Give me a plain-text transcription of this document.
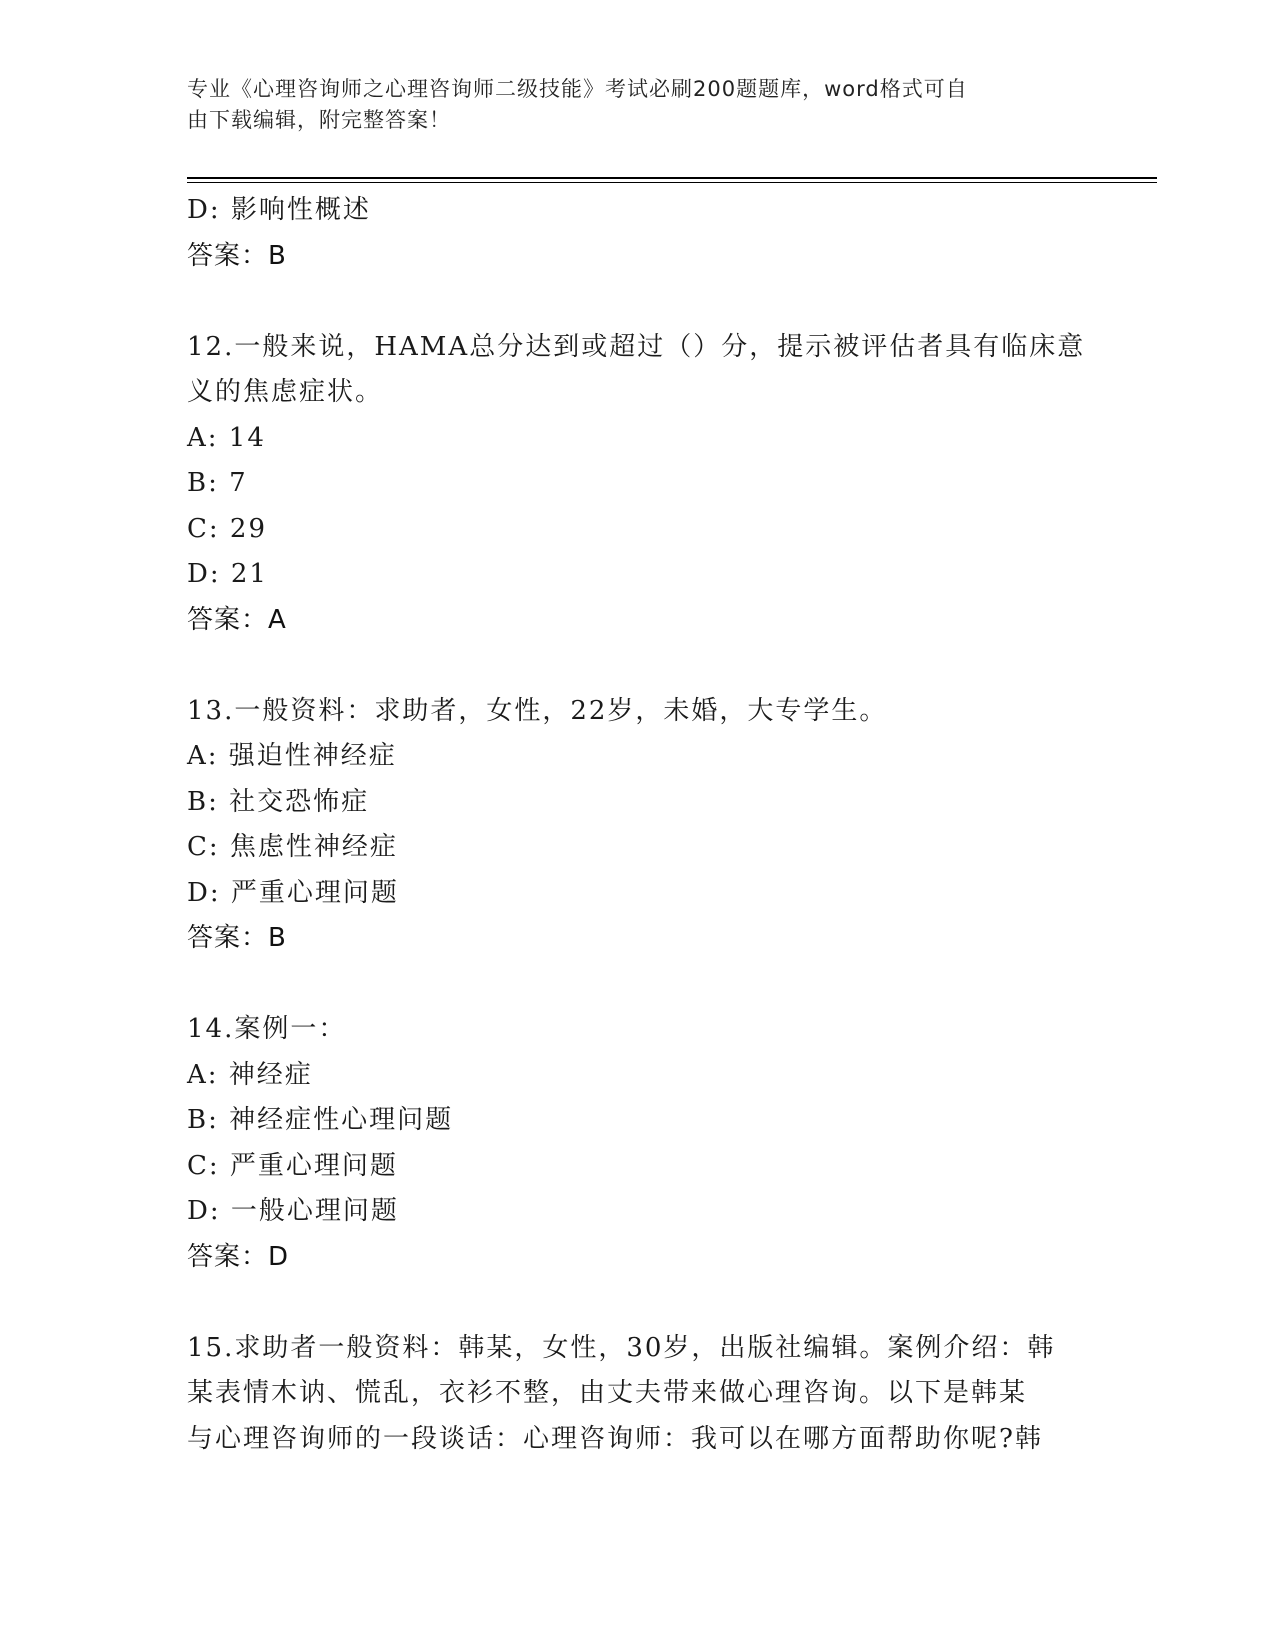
专业《心理咨询师之心理咨询师二级技能》考试必刷200题题库，word格式可自
由下载编辑，附完整答案！
D: 影响性概述
答案：B
12.一般来说，HAMA总分达到或超过（）分，提示被评估者具有临床意
义的焦虑症状。
A: 14
B: 7
C: 29
D: 21
答案：A
13.一般资料：求助者，女性，22岁，未婚，大专学生。
A: 强迫性神经症
B: 社交恐怖症
C: 焦虑性神经症
D: 严重心理问题
答案：B
14.案例一：
A: 神经症
B: 神经症性心理问题
C: 严重心理问题
D: 一般心理问题
答案：D
15.求助者一般资料：韩某，女性，30岁，出版社编辑。案例介绍：韩
某表情木讷、慌乱，衣衫不整，由丈夫带来做心理咨询。以下是韩某
与心理咨询师的一段谈话：心理咨询师：我可以在哪方面帮助你呢?韩
